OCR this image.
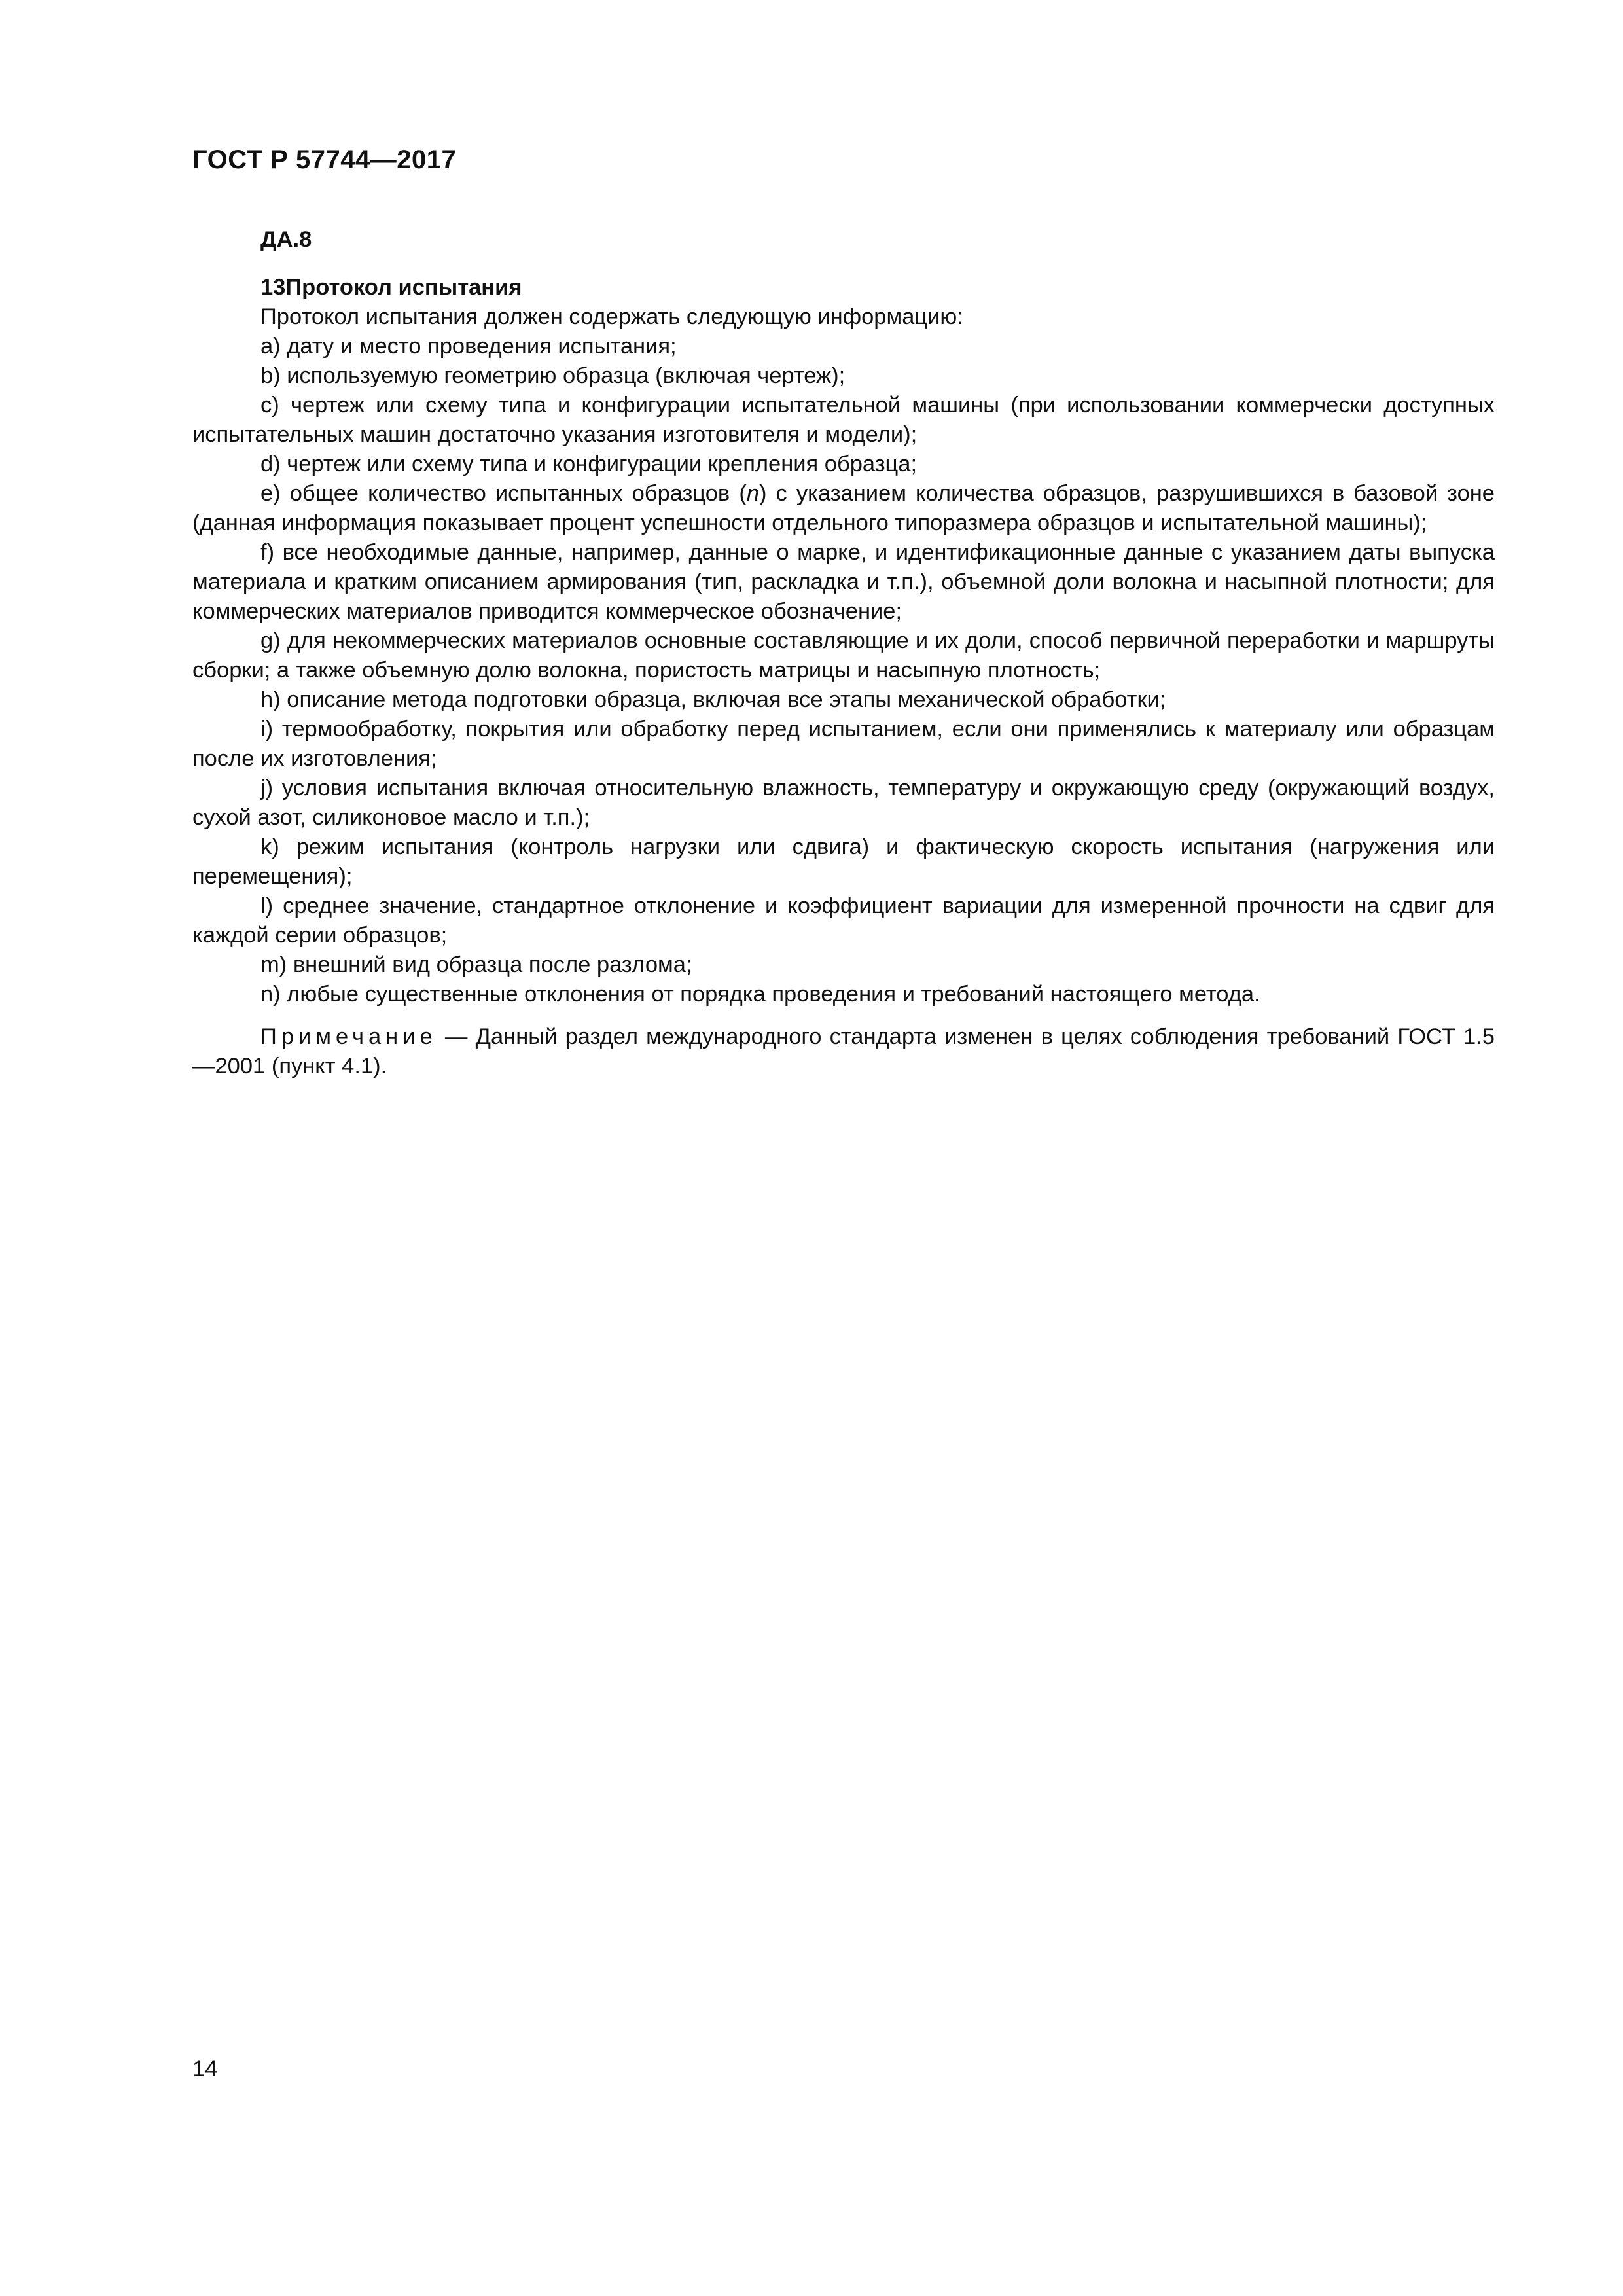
ГОСТ Р 57744—2017

ДА.8

13Протокол испытания

Протокол испытания должен содержать следующую информацию:

a) дату и место проведения испытания;

b) используемую геометрию образца (включая чертеж);

c) чертеж или схему типа и конфигурации испытательной машины (при использовании коммерчески доступных испытательных машин достаточно указания изготовителя и модели);

d) чертеж или схему типа и конфигурации крепления образца;

e) общее количество испытанных образцов (n) с указанием количества образцов, разрушившихся в базовой зоне (данная информация показывает процент успешности отдельного типоразмера образцов и испытательной машины);

f) все необходимые данные, например, данные о марке, и идентификационные данные с указанием даты выпуска материала и кратким описанием армирования (тип, раскладка и т.п.), объемной доли волокна и насыпной плотности; для коммерческих материалов приводится коммерческое обозначение;

g) для некоммерческих материалов основные составляющие и их доли, способ первичной переработки и маршруты сборки; а также объемную долю волокна, пористость матрицы и насыпную плотность;

h) описание метода подготовки образца, включая все этапы механической обработки;

i) термообработку, покрытия или обработку перед испытанием, если они применялись к материалу или образцам после их изготовления;

j) условия испытания включая относительную влажность, температуру и окружающую среду (окружающий воздух, сухой азот, силиконовое масло и т.п.);

k) режим испытания (контроль нагрузки или сдвига) и фактическую скорость испытания (нагружения или перемещения);

l) среднее значение, стандартное отклонение и коэффициент вариации для измеренной прочности на сдвиг для каждой серии образцов;

m) внешний вид образца после разлома;

n) любые существенные отклонения от порядка проведения и требований настоящего метода.

Примечание — Данный раздел международного стандарта изменен в целях соблюдения требований ГОСТ 1.5—2001 (пункт 4.1).

14
